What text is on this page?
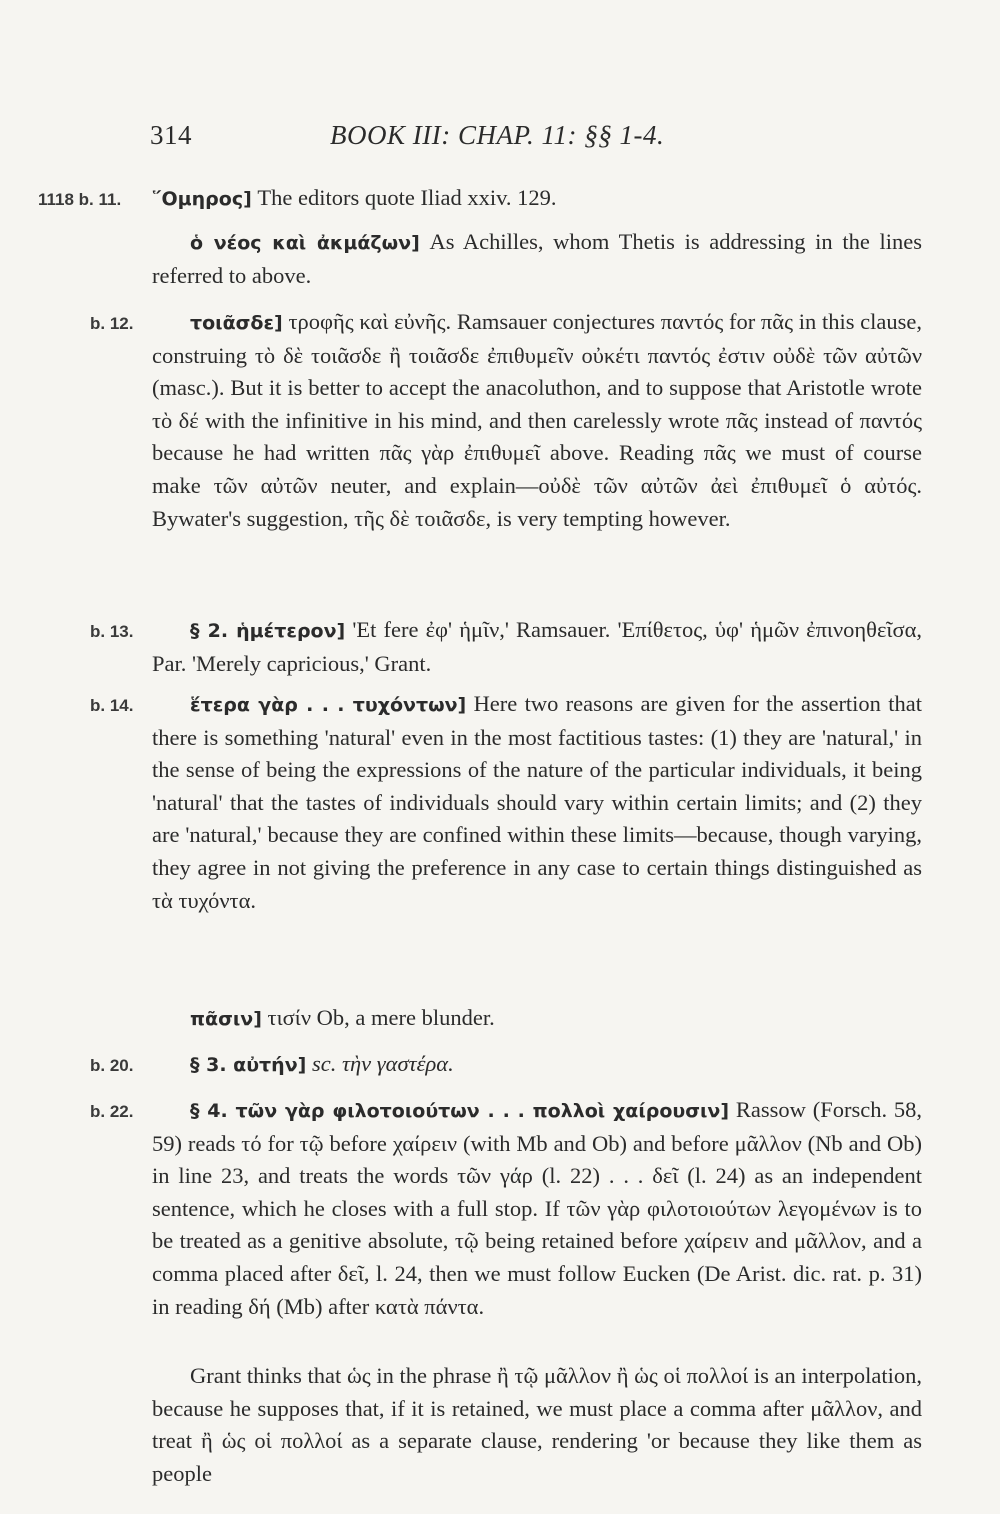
314	BOOK III: CHAP. 11: §§ 1-4.
1118 b. 11. ῞Ομηρος] The editors quote Iliad xxiv. 129.

ὁ νέος καὶ ἀκμάζων] As Achilles, whom Thetis is addressing in the lines referred to above.

b. 12.	τοιᾶσδε] τροφῆς καὶ εὐνῆς. Ramsauer conjectures παντός for πᾶς in this clause, construing τὸ δὲ τοιᾶσδε ἢ τοιᾶσδε ἐπιθυμεῖν οὐκέτι παντός ἐστιν οὐδὲ τῶν αὐτῶν (masc.). But it is better to accept the anacoluthon, and to suppose that Aristotle wrote τὸ δέ with the infinitive in his mind, and then carelessly wrote πᾶς instead of παντός because he had written πᾶς γὰρ ἐπιθυμεῖ above. Reading πᾶς we must of course make τῶν αὐτῶν neuter, and explain—οὐδὲ τῶν αὐτῶν ἀεὶ ἐπιθυμεῖ ὁ αὐτός. Bywater's suggestion, τῆς δὲ τοιᾶσδε, is very tempting however.

b. 13.	§ 2. ἡμέτερον] 'Et fere ἐφ' ἡμῖν,' Ramsauer. 'Επίθετος, ὑφ' ἡμῶν ἐπινοηθεῖσα, Par. 'Merely capricious,' Grant.

b. 14.	ἕτερα γὰρ . . . τυχόντων] Here two reasons are given for the assertion that there is something 'natural' even in the most factitious tastes: (1) they are 'natural,' in the sense of being the expressions of the nature of the particular individuals, it being 'natural' that the tastes of individuals should vary within certain limits; and (2) they are 'natural,' because they are confined within these limits—because, though varying, they agree in not giving the preference in any case to certain things distinguished as τὰ τυχόντα.

πᾶσιν] τισίν Ob, a mere blunder.

b. 20.	§ 3. αὐτήν] sc. τὴν γαστέρα.

b. 22.	§ 4. τῶν γὰρ φιλοτοιούτων . . . πολλοὶ χαίρουσιν] Rassow (Forsch. 58, 59) reads τό for τῷ before χαίρειν (with Mb and Ob) and before μᾶλλον (Nb and Ob) in line 23, and treats the words τῶν γάρ (l. 22) . . . δεῖ (l. 24) as an independent sentence, which he closes with a full stop. If τῶν γὰρ φιλοτοιούτων λεγομένων is to be treated as a genitive absolute, τῷ being retained before χαίρειν and μᾶλλον, and a comma placed after δεῖ, l. 24, then we must follow Eucken (De Arist. dic. rat. p. 31) in reading δή (Mb) after κατὰ πάντα.

Grant thinks that ὡς in the phrase ἢ τῷ μᾶλλον ἢ ὡς οἱ πολλοί is an interpolation, because he supposes that, if it is retained, we must place a comma after μᾶλλον, and treat ἢ ὡς οἱ πολλοί as a separate clause, rendering 'or because they like them as people
